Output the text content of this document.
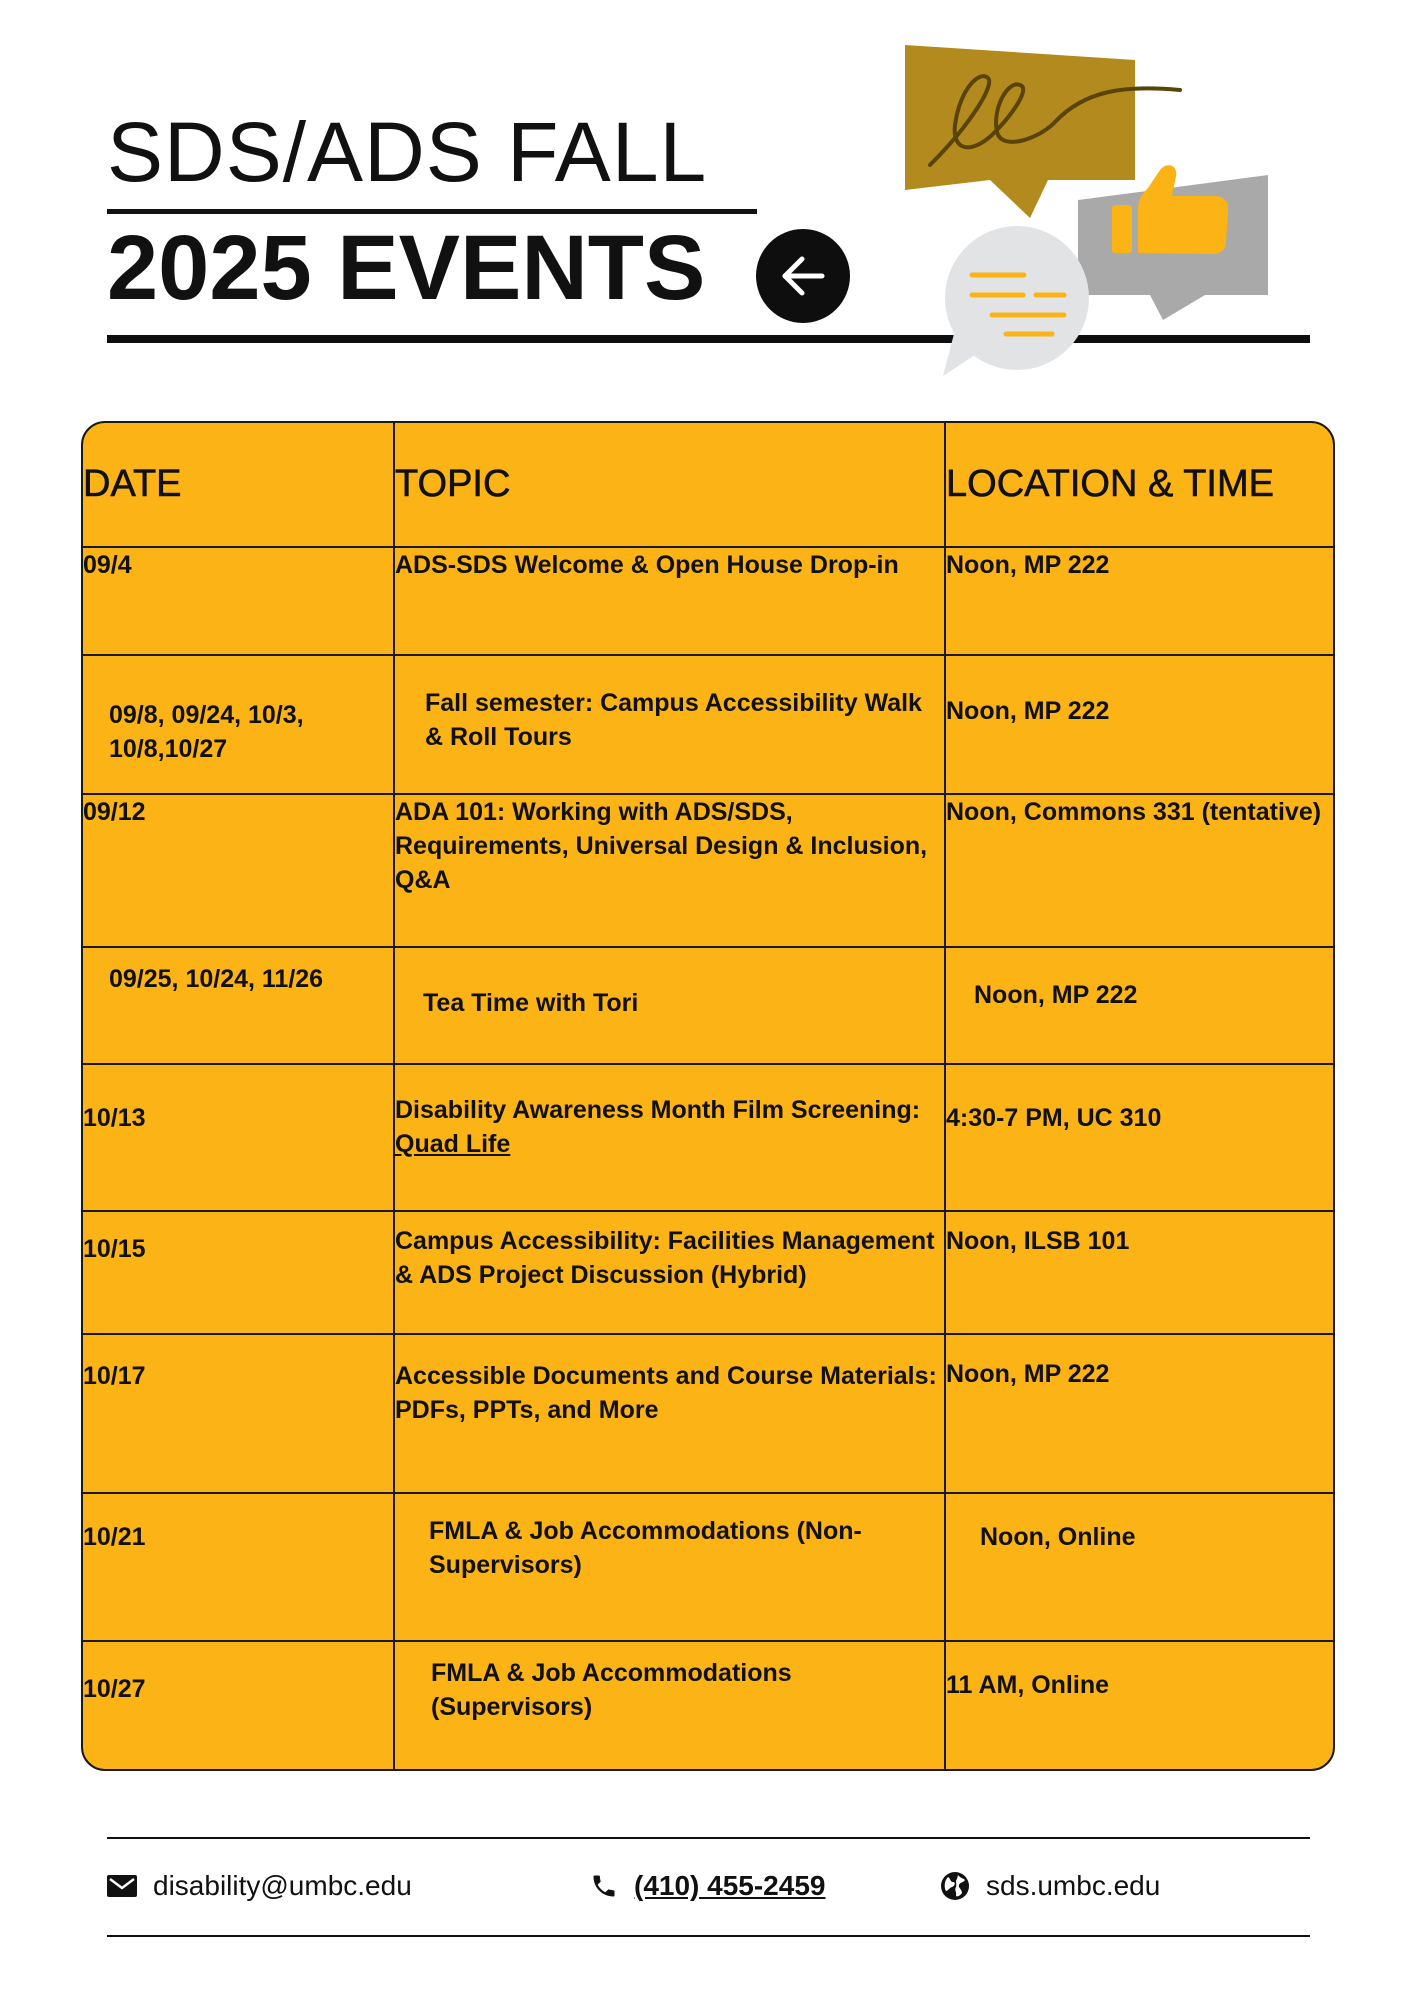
SDS/ADS FALL
2025 EVENTS
DATE	TOPIC	LOCATION & TIME
09/4	ADS-SDS Welcome & Open House Drop-in	Noon, MP 222
09/8, 09/24, 10/3, 10/8,10/27	Fall semester: Campus Accessibility Walk & Roll Tours	Noon, MP 222
09/12	ADA 101: Working with ADS/SDS, Requirements, Universal Design & Inclusion, Q&A	Noon, Commons 331 (tentative)
09/25, 10/24, 11/26	Tea Time with Tori	Noon, MP 222
10/13	Disability Awareness Month Film Screening: Quad Life	4:30-7 PM, UC 310
10/15	Campus Accessibility: Facilities Management & ADS Project Discussion (Hybrid)	Noon, ILSB 101
10/17	Accessible Documents and Course Materials: PDFs, PPTs, and More	Noon, MP 222
10/21	FMLA & Job Accommodations (Non-Supervisors)	Noon, Online
10/27	FMLA & Job Accommodations (Supervisors)	11 AM, Online
disability@umbc.edu	(410) 455-2459	sds.umbc.edu
